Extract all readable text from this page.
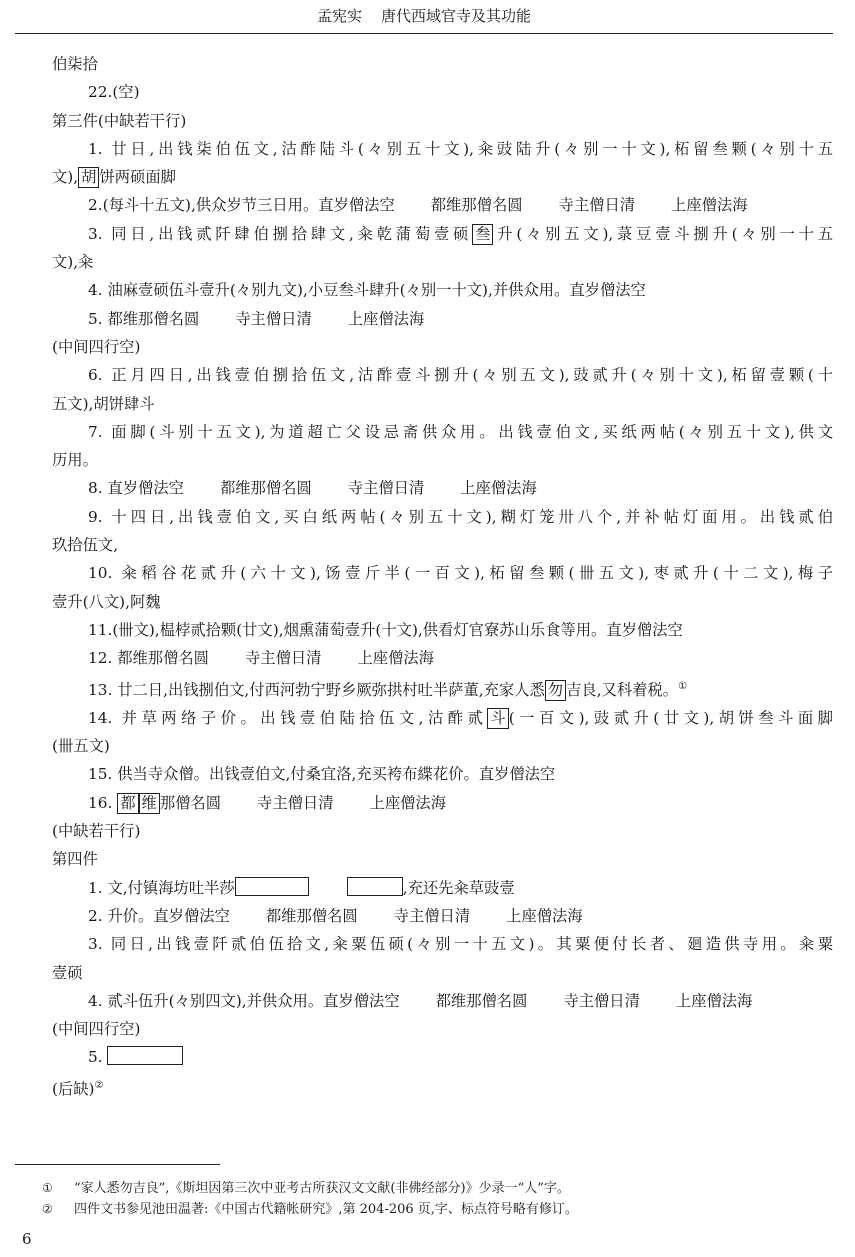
孟宪实 唐代西域官寺及其功能
伯柒拾
22.(空)
第三件(中缺若干行)
1. 廿日,出钱柒伯伍文,沽酢陆斗(々别五十文),籴豉陆升(々别一十文),柘留叁颗(々别十五
文), 胡 饼两硕面脚
2.(每斗十五文),供众岁节三日用。直岁僧法空 都维那僧名圆 寺主僧日清 上座僧法海
3. 同日,出钱贰阡肆伯捌拾肆文,籴乾蒲萄壹硕 叁 升(々别五文),菉豆壹斗捌升(々别一十五
文),籴
4. 油麻壹硕伍斗壹升(々别九文),小豆叁斗肆升(々别一十文),并供众用。直岁僧法空
5. 都维那僧名圆 寺主僧日清 上座僧法海
(中间四行空)
6. 正月四日,出钱壹伯捌拾伍文,沽酢壹斗捌升(々别五文),豉贰升(々别十文),柘留壹颗(十
五文),胡饼肆斗
7. 面脚(斗别十五文),为道超亡父设忌斋供众用。出钱壹伯文,买纸两帖(々别五十文),供文
历用。
8. 直岁僧法空 都维那僧名圆 寺主僧日清 上座僧法海
9. 十四日,出钱壹伯文,买白纸两帖(々别五十文),糊灯笼卅八个,并补帖灯面用。出钱贰伯
玖拾伍文,
10. 籴稻谷花贰升(六十文),饧壹斤半(一百文),柘留叁颗(卌五文),枣贰升(十二文),梅子
壹升(八文),阿魏
11.(卌文),榅桲贰拾颗(廿文),烟熏蒲萄壹升(十文),供看灯官寮苏山乐食等用。直岁僧法空
12. 都维那僧名圆 寺主僧日清 上座僧法海
13. 廿二日,出钱捌伯文,付西河勃宁野乡厥弥拱村吐半萨董,充家人悉 勿 吉良,又科着税。①
14. 并草两络子价。出钱壹伯陆拾伍文,沽酢贰 斗 (一百文),豉贰升(廿文),胡饼叁斗面脚
(卌五文)
15. 供当寺众僧。出钱壹伯文,付桑宜洛,充买袴布緤花价。直岁僧法空
16. 都 维 那僧名圆 寺主僧日清 上座僧法海
(中缺若干行)
第四件
1. 文,付镇海坊吐半莎	,充还先籴草豉壹
2. 升价。直岁僧法空 都维那僧名圆 寺主僧日清 上座僧法海
3. 同日,出钱壹阡贰伯伍拾文,籴粟伍硕(々别一十五文)。其粟便付长者、廻造供寺用。籴粟
壹硕
4. 贰斗伍升(々别四文),并供众用。直岁僧法空 都维那僧名圆 寺主僧日清 上座僧法海
(中间四行空)
5.
(后缺)②
① “家人悉勿吉良”,《斯坦因第三次中亚考古所获汉文文献(非佛经部分)》少录一“人”字。
② 四件文书参见池田温著:《中国古代籍帐研究》,第 204-206 页,字、标点符号略有修订。
6
